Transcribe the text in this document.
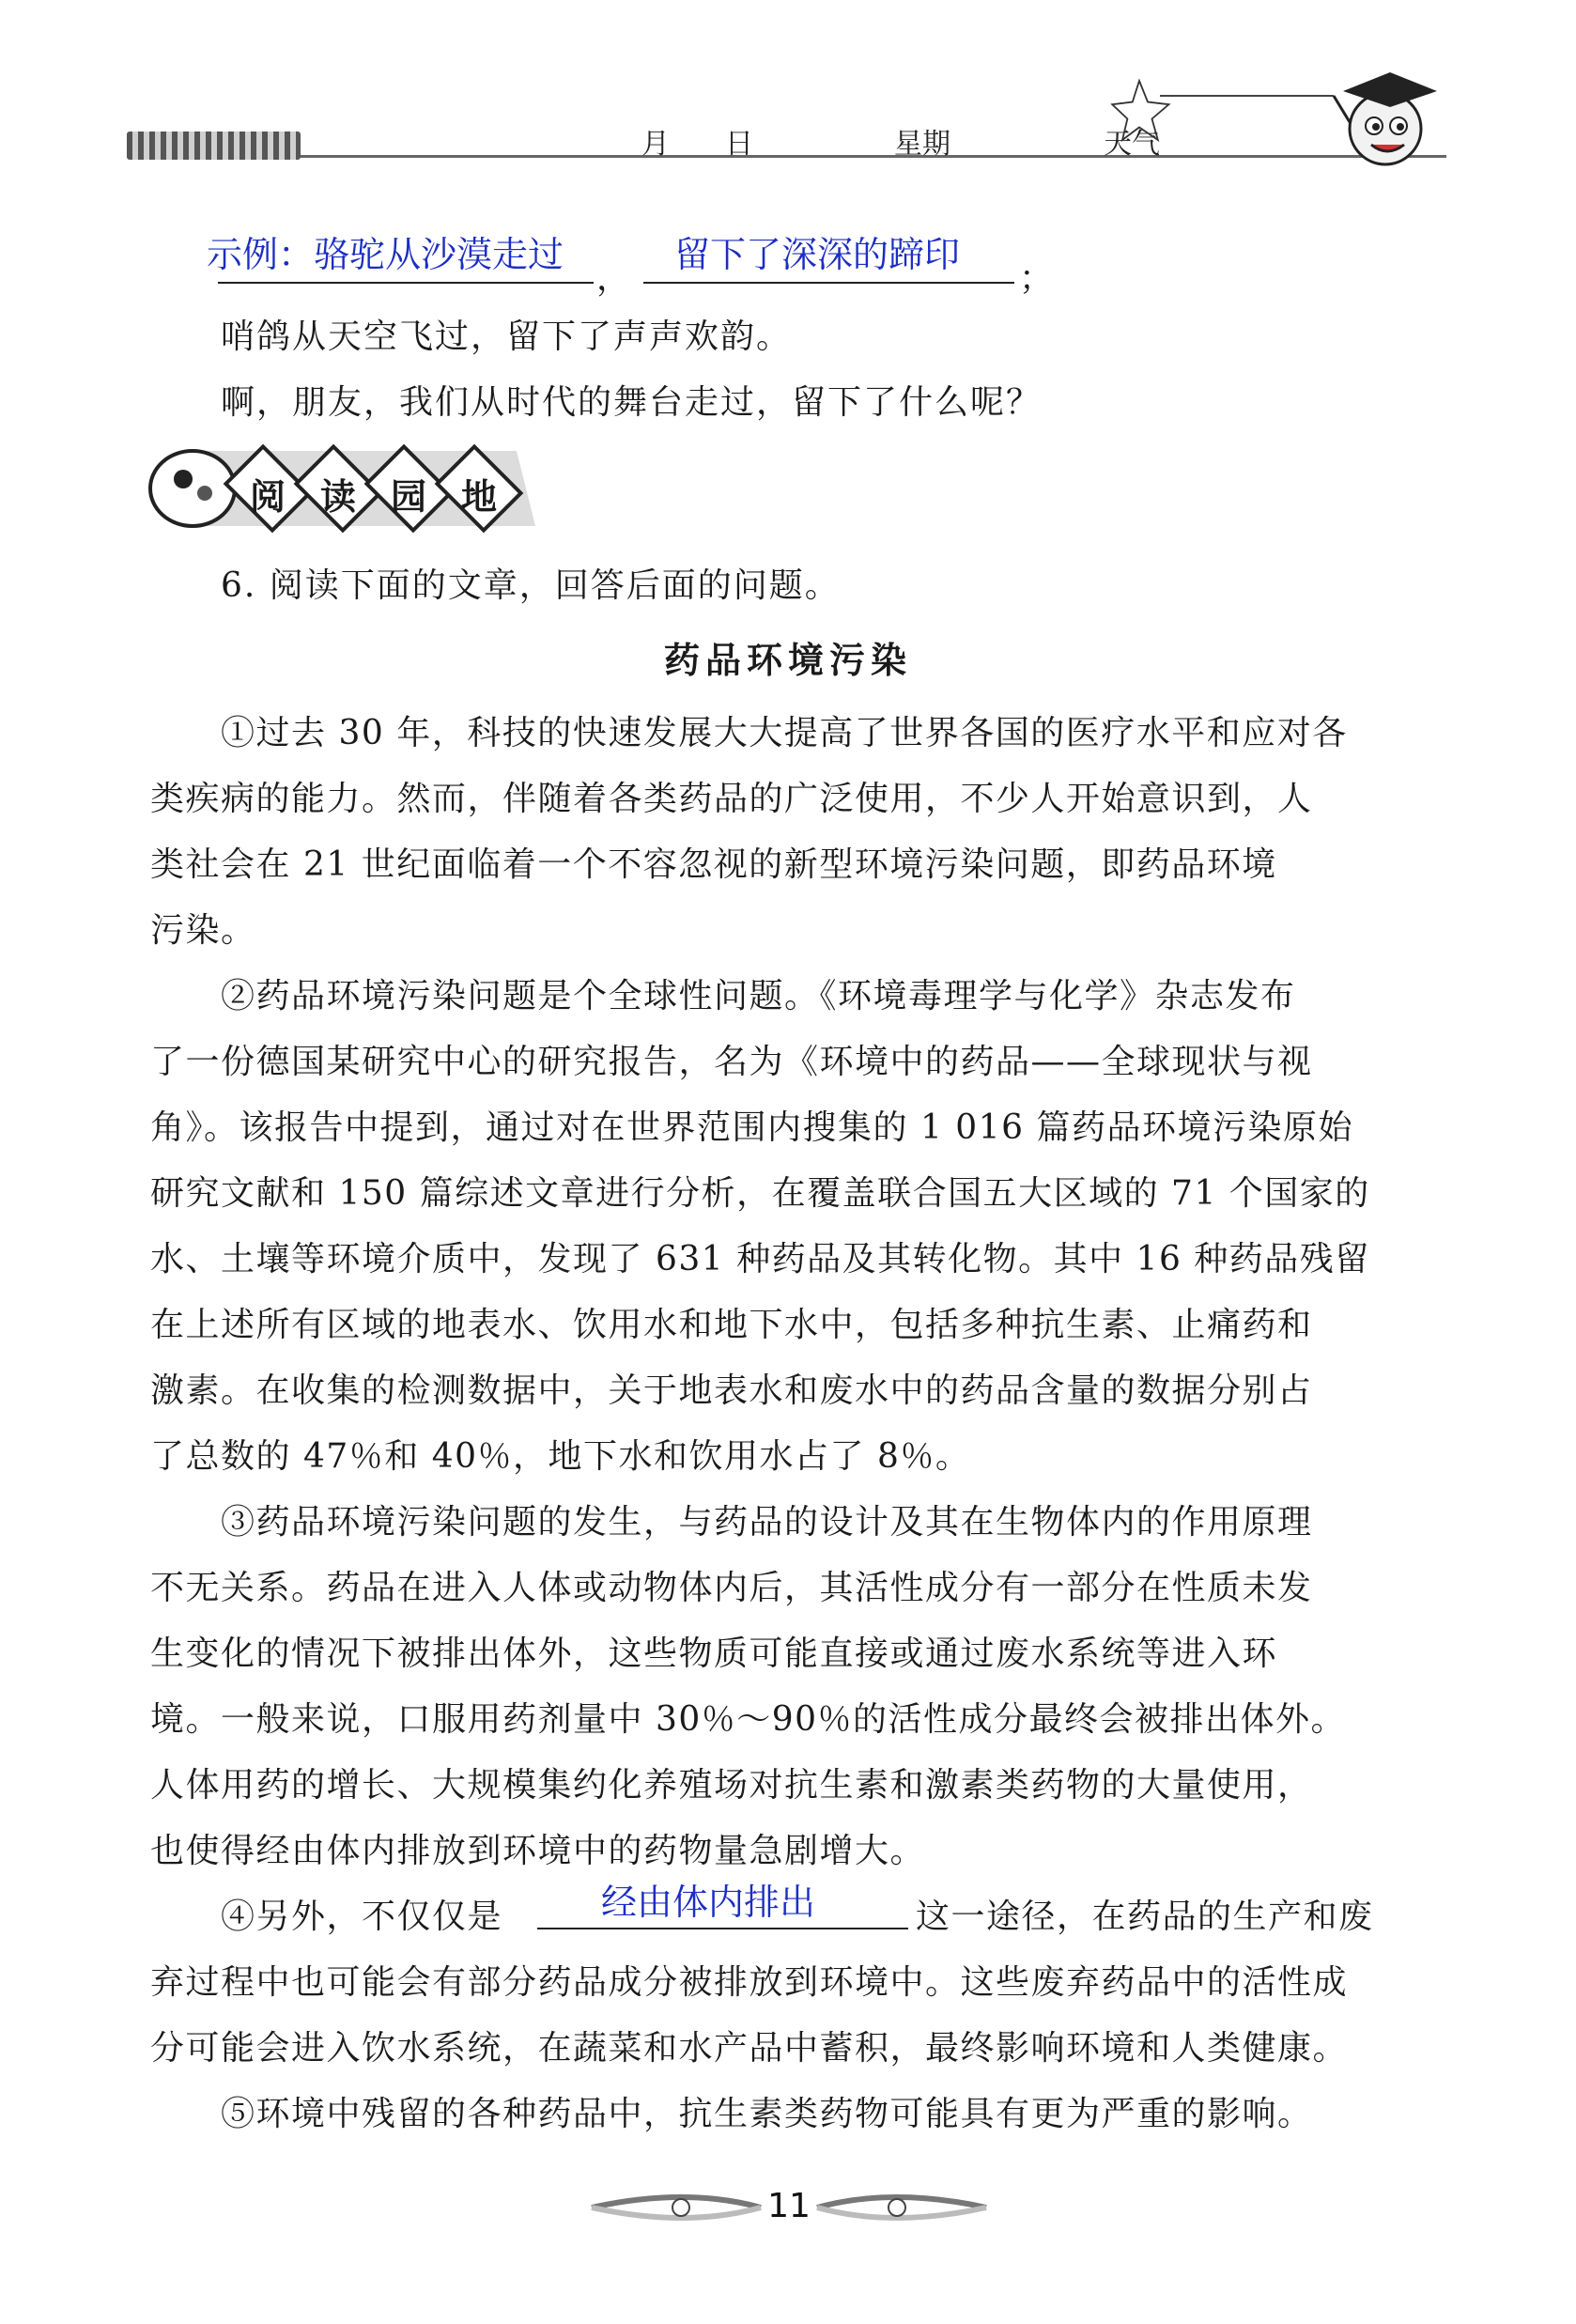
月 日	星期	天气
示例：骆驼从沙漠走过
，
留下了深深的蹄印
；
哨鸽从天空飞过，留下了声声欢韵。
啊，朋友，我们从时代的舞台走过，留下了什么呢？
阅 读 园 地
6. 阅读下面的文章，回答后面的问题。
药品环境污染
①过去 30 年，科技的快速发展大大提高了世界各国的医疗水平和应对各
类疾病的能力。然而，伴随着各类药品的广泛使用，不少人开始意识到，人
类社会在 21 世纪面临着一个不容忽视的新型环境污染问题，即药品环境
污染。
②药品环境污染问题是个全球性问题。《环境毒理学与化学》杂志发布
了一份德国某研究中心的研究报告，名为《环境中的药品——全球现状与视
角》。该报告中提到，通过对在世界范围内搜集的 1 016 篇药品环境污染原始
研究文献和 150 篇综述文章进行分析，在覆盖联合国五大区域的 71 个国家的
水、土壤等环境介质中，发现了 631 种药品及其转化物。其中 16 种药品残留
在上述所有区域的地表水、饮用水和地下水中，包括多种抗生素、止痛药和
激素。在收集的检测数据中，关于地表水和废水中的药品含量的数据分别占
了总数的 47％和 40％，地下水和饮用水占了 8％。
③药品环境污染问题的发生，与药品的设计及其在生物体内的作用原理
不无关系。药品在进入人体或动物体内后，其活性成分有一部分在性质未发
生变化的情况下被排出体外，这些物质可能直接或通过废水系统等进入环
境。一般来说，口服用药剂量中 30％～90％的活性成分最终会被排出体外。
人体用药的增长、大规模集约化养殖场对抗生素和激素类药物的大量使用，
也使得经由体内排放到环境中的药物量急剧增大。
④另外，不仅仅是	经由体内排出	这一途径，在药品的生产和废
弃过程中也可能会有部分药品成分被排放到环境中。这些废弃药品中的活性成
分可能会进入饮水系统，在蔬菜和水产品中蓄积，最终影响环境和人类健康。
⑤环境中残留的各种药品中，抗生素类药物可能具有更为严重的影响。
11
